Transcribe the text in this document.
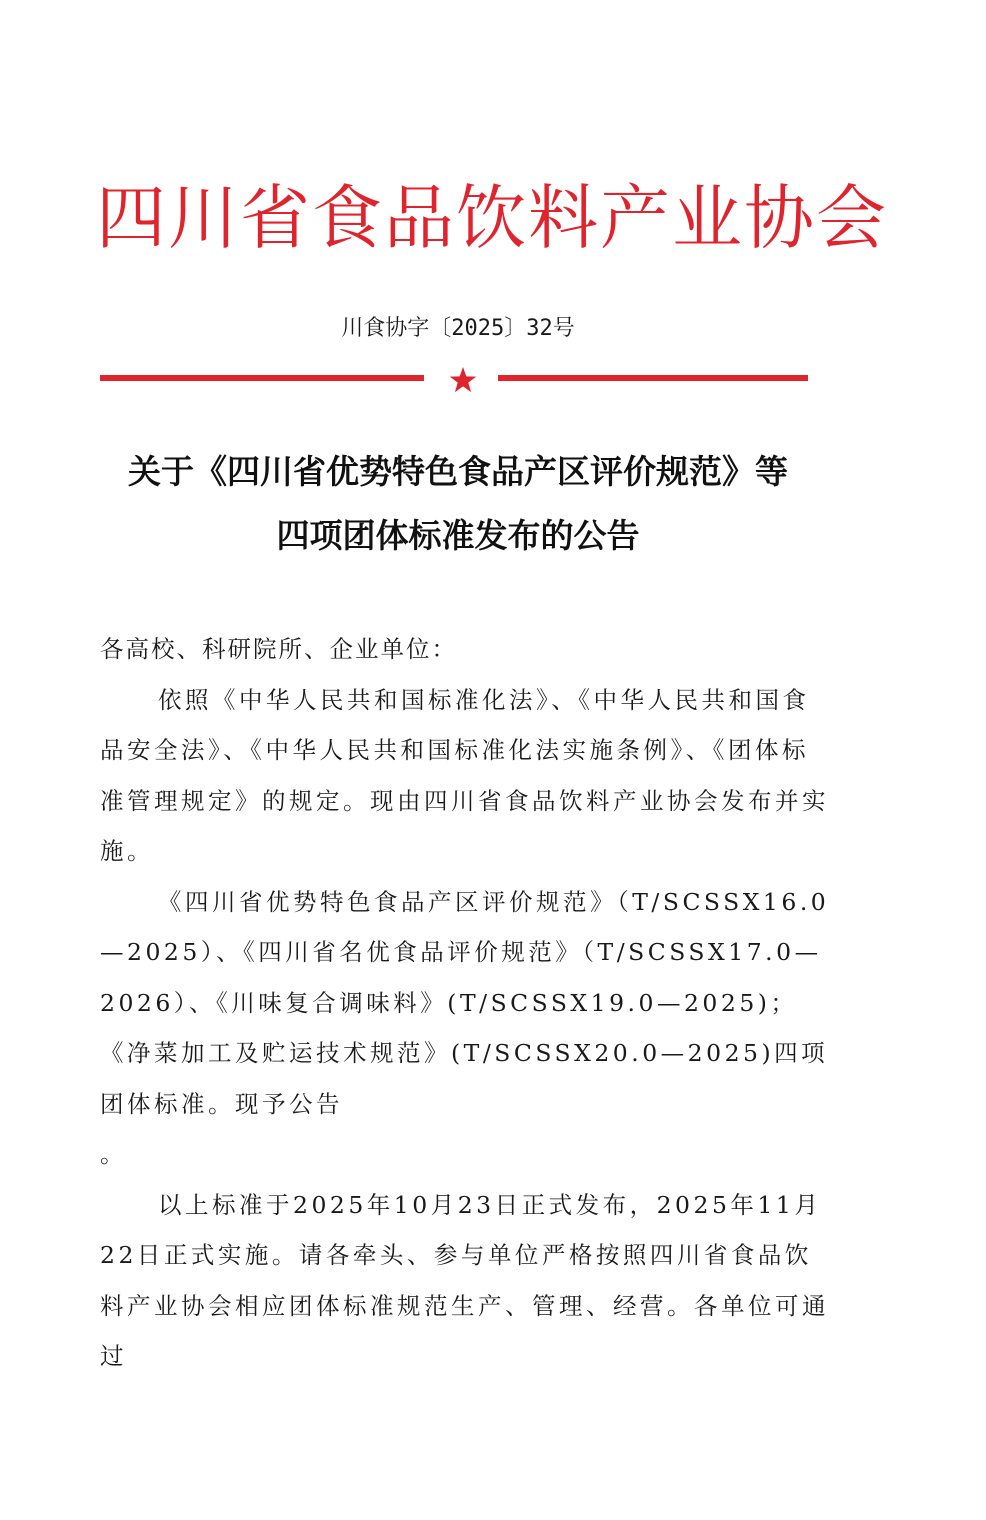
四川省食品饮料产业协会
川食协字〔2025〕32号
关于《四川省优势特色食品产区评价规范》等
四项团体标准发布的公告

各高校、科研院所、企业单位：

依照《中华人民共和国标准化法》、《中华人民共和国食品安全法》、《中华人民共和国标准化法实施条例》、《团体标准管理规定》的规定。现由四川省食品饮料产业协会发布并实施。

《四川省优势特色食品产区评价规范》（T/SCSSX16.0—2025）、《四川省名优食品评价规范》（T/SCSSX17.0—2026）、《川味复合调味料》(T/SCSSX19.0—2025)；《净菜加工及贮运技术规范》(T/SCSSX20.0—2025)四项团体标准。现予公告

。

以上标准于2025年10月23日正式发布，2025年11月22日正式实施。请各牵头、参与单位严格按照四川省食品饮料产业协会相应团体标准规范生产、管理、经营。各单位可通过
